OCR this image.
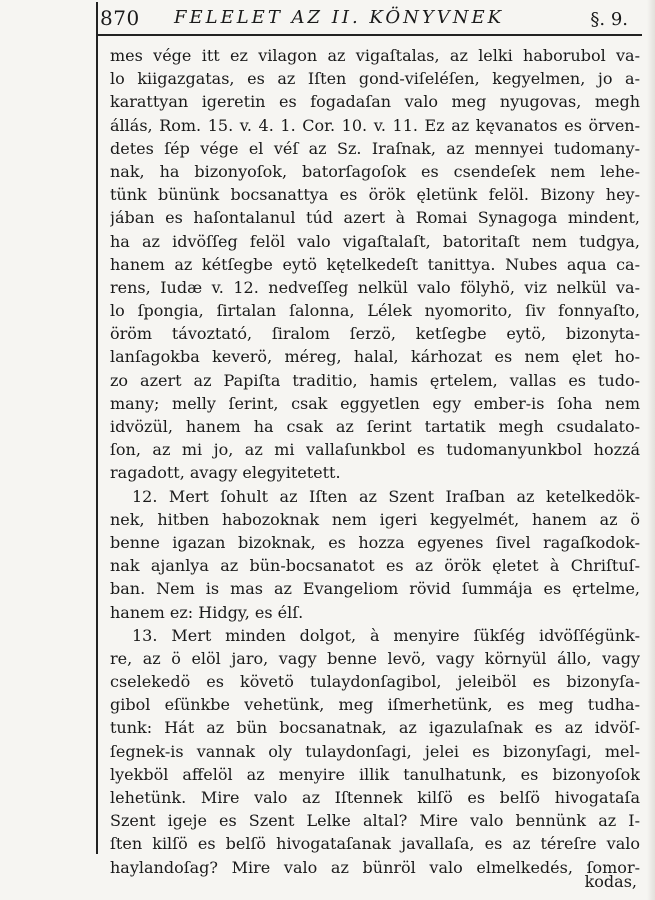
870 FELELET AZ II. KÖNYVNEK	§. 9.
mes vége itt ez vilagon az vigaſtalas, az lelki haborubol va-
lo kiigazgatas, es az Iſten gond-viſeléſen, kegyelmen, jo a-
karattyan igeretin es fogadaſan valo meg nyugovas, megh
állás, Rom. 15. v. 4. 1. Cor. 10. v. 11. Ez az kęvanatos es örven-
detes ſép vége el véſ az Sz. Iraſnak, az mennyei tudomany-
nak, ha bizonyoſok, batorſagoſok es csendeſek nem lehe-
tünk bününk bocsanattya es örök ęletünk felöl. Bizony hey-
jában es haſontalanul túd azert à Romai Synagoga mindent,
ha az idvöſſeg felöl valo vigaſtalaſt, batoritaſt nem tudgya,
hanem az kétſegbe eytö kętelkedeſt tanittya. Nubes aqua ca-
rens, Iudæ v. 12. nedveſſeg nelkül valo fölyhö, viz nelkül va-
lo ſpongia, ſirtalan ſalonna, Lélek nyomorito, ſiv fonnyaſto,
öröm távoztató, ſiralom ſerzö, ketſegbe eytö, bizonyta-
lanſagokba keverö, méreg, halal, kárhozat es nem ęlet ho-
zo azert az Papiſta traditio, hamis ęrtelem, vallas es tudo-
many; melly ſerint, csak eggyetlen egy ember-is ſoha nem
idvözül, hanem ha csak az ſerint tartatik megh csudalato-
ſon, az mi jo, az mi vallaſunkbol es tudomanyunkbol hozzá
ragadott, avagy elegyitetett.
12. Mert ſohult az Iſten az Szent Iraſban az ketelkedök-
nek, hitben habozoknak nem igeri kegyelmét, hanem az ö
benne igazan bizoknak, es hozza egyenes ſivel ragaſkodok-
nak ajanlya az bün-bocsanatot es az örök ęletet à Chriſtuſ-
ban. Nem is mas az Evangeliom rövid ſummája es ęrtelme,
hanem ez: Hidgy, es élſ.
13. Mert minden dolgot, à menyire ſükſég idvöſſégünk-
re, az ö elöl jaro, vagy benne levö, vagy környül állo, vagy
cselekedö es követö tulaydonſagibol, jeleiböl es bizonyſa-
gibol eſünkbe vehetünk, meg iſmerhetünk, es meg tudha-
tunk: Hát az bün bocsanatnak, az igazulaſnak es az idvöſ-
ſegnek-is vannak oly tulaydonſagi, jelei es bizonyſagi, mel-
lyekböl affelöl az menyire illik tanulhatunk, es bizonyoſok
lehetünk. Mire valo az Iſtennek kilſö es belſö hivogataſa
Szent igeje es Szent Lelke altal? Mire valo bennünk az I-
ſten kilſö es belſö hivogataſanak javallaſa, es az téreſre valo
haylandoſag? Mire valo az bünröl valo elmelkedés, ſomor-
kodas,
